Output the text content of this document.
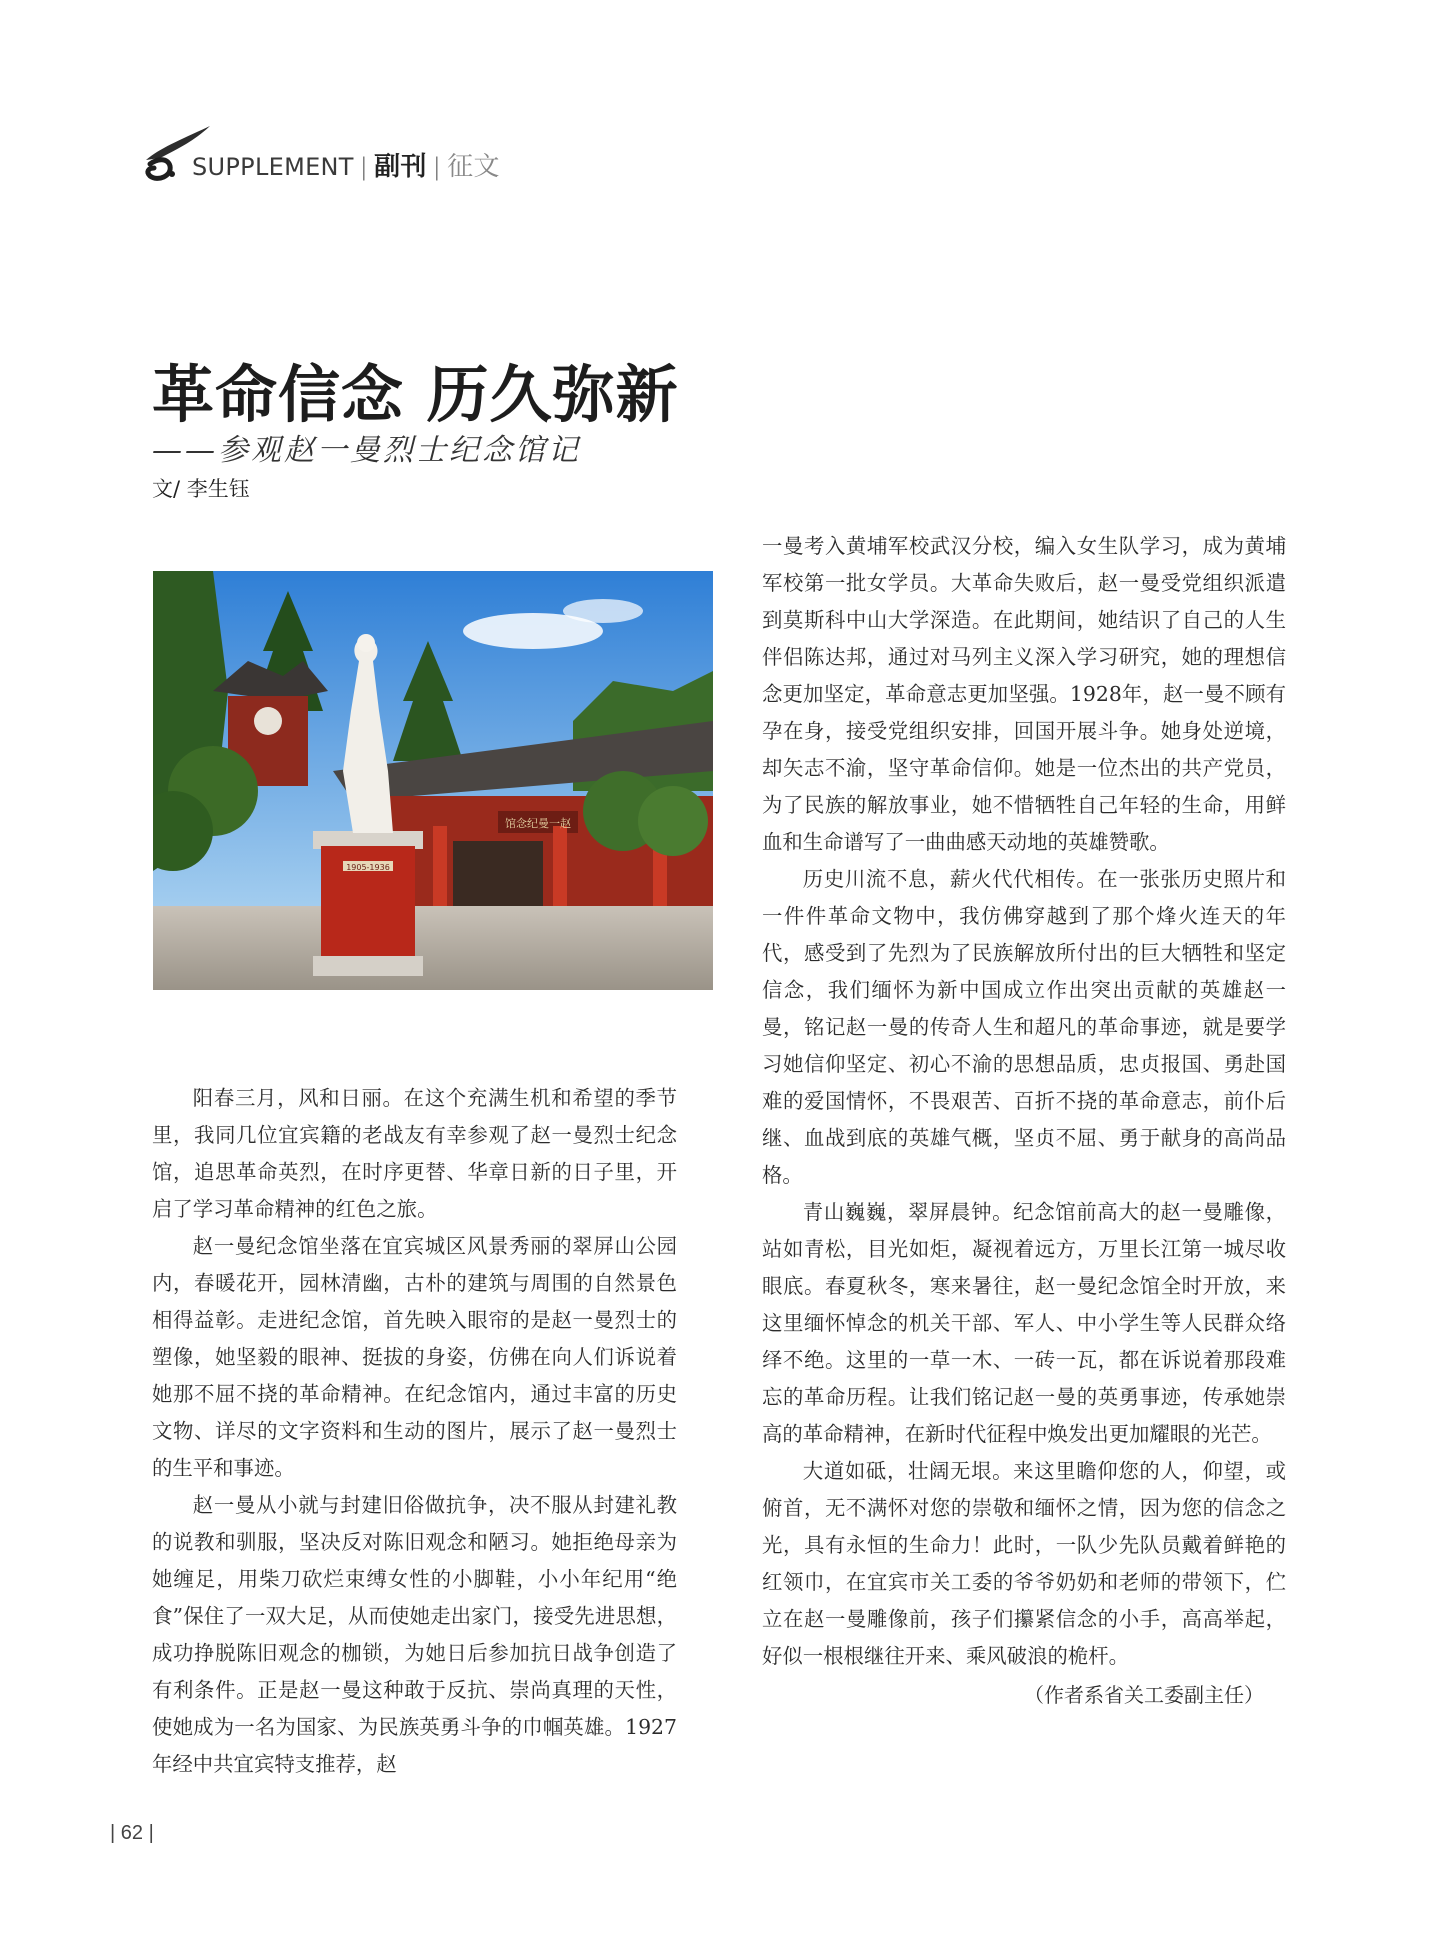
SUPPLEMENT | 副刊 | 征文
革命信念 历久弥新
——参观赵一曼烈士纪念馆记
文/ 李生钰
1905-1936
馆念纪曼一赵

阳春三月，风和日丽。在这个充满生机和希望的季节里，我同几位宜宾籍的老战友有幸参观了赵一曼烈士纪念馆，追思革命英烈，在时序更替、华章日新的日子里，开启了学习革命精神的红色之旅。

赵一曼纪念馆坐落在宜宾城区风景秀丽的翠屏山公园内，春暖花开，园林清幽，古朴的建筑与周围的自然景色相得益彰。走进纪念馆，首先映入眼帘的是赵一曼烈士的塑像，她坚毅的眼神、挺拔的身姿，仿佛在向人们诉说着她那不屈不挠的革命精神。在纪念馆内，通过丰富的历史文物、详尽的文字资料和生动的图片，展示了赵一曼烈士的生平和事迹。

赵一曼从小就与封建旧俗做抗争，决不服从封建礼教的说教和驯服，坚决反对陈旧观念和陋习。她拒绝母亲为她缠足，用柴刀砍烂束缚女性的小脚鞋，小小年纪用“绝食”保住了一双大足，从而使她走出家门，接受先进思想，成功挣脱陈旧观念的枷锁，为她日后参加抗日战争创造了有利条件。正是赵一曼这种敢于反抗、崇尚真理的天性，使她成为一名为国家、为民族英勇斗争的巾帼英雄。1927年经中共宜宾特支推荐，赵

一曼考入黄埔军校武汉分校，编入女生队学习，成为黄埔军校第一批女学员。大革命失败后，赵一曼受党组织派遣到莫斯科中山大学深造。在此期间，她结识了自己的人生伴侣陈达邦，通过对马列主义深入学习研究，她的理想信念更加坚定，革命意志更加坚强。1928年，赵一曼不顾有孕在身，接受党组织安排，回国开展斗争。她身处逆境，却矢志不渝，坚守革命信仰。她是一位杰出的共产党员，为了民族的解放事业，她不惜牺牲自己年轻的生命，用鲜血和生命谱写了一曲曲感天动地的英雄赞歌。

历史川流不息，薪火代代相传。在一张张历史照片和一件件革命文物中，我仿佛穿越到了那个烽火连天的年代，感受到了先烈为了民族解放所付出的巨大牺牲和坚定信念，我们缅怀为新中国成立作出突出贡献的英雄赵一曼，铭记赵一曼的传奇人生和超凡的革命事迹，就是要学习她信仰坚定、初心不渝的思想品质，忠贞报国、勇赴国难的爱国情怀，不畏艰苦、百折不挠的革命意志，前仆后继、血战到底的英雄气概，坚贞不屈、勇于献身的高尚品格。

青山巍巍，翠屏晨钟。纪念馆前高大的赵一曼雕像，站如青松，目光如炬，凝视着远方，万里长江第一城尽收眼底。春夏秋冬，寒来暑往，赵一曼纪念馆全时开放，来这里缅怀悼念的机关干部、军人、中小学生等人民群众络绎不绝。这里的一草一木、一砖一瓦，都在诉说着那段难忘的革命历程。让我们铭记赵一曼的英勇事迹，传承她崇高的革命精神，在新时代征程中焕发出更加耀眼的光芒。

大道如砥，壮阔无垠。来这里瞻仰您的人，仰望，或俯首，无不满怀对您的崇敬和缅怀之情，因为您的信念之光，具有永恒的生命力！此时，一队少先队员戴着鲜艳的红领巾，在宜宾市关工委的爷爷奶奶和老师的带领下，伫立在赵一曼雕像前，孩子们攥紧信念的小手，高高举起，好似一根根继往开来、乘风破浪的桅杆。

（作者系省关工委副主任）

| 62 |
